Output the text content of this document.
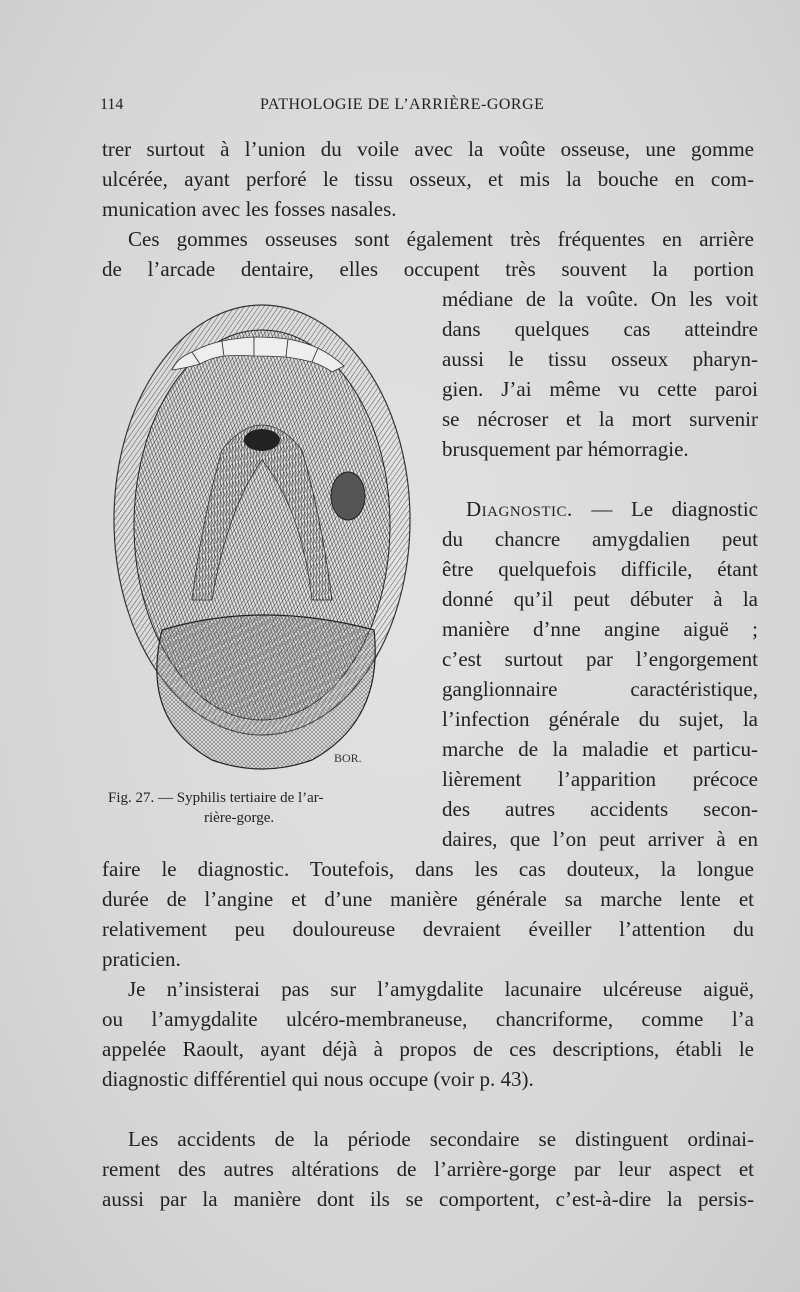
114	PATHOLOGIE DE L’ARRIÈRE-GORGE
trer surtout à l’union du voile avec la voûte osseuse, une gomme
ulcérée, ayant perforé le tissu osseux, et mis la bouche en com-
munication avec les fosses nasales.
Ces gommes osseuses sont également très fréquentes en arrière
de l’arcade dentaire, elles occupent très souvent la portion
médiane de la voûte. On les voit
dans quelques cas atteindre
aussi le tissu osseux pharyn-
gien. J’ai même vu cette paroi
se nécroser et la mort survenir
brusquement par hémorragie.
Diagnostic. — Le diagnostic
du chancre amygdalien peut
être quelquefois difficile, étant
donné qu’il peut débuter à la
manière d’nne angine aiguë ;
c’est surtout par l’engorgement
ganglionnaire caractéristique,
l’infection générale du sujet, la
marche de la maladie et particu-
lièrement l’apparition précoce
des autres accidents secon-
daires, que l’on peut arriver à en
faire le diagnostic. Toutefois, dans les cas douteux, la longue
durée de l’angine et d’une manière générale sa marche lente et
relativement peu douloureuse devraient éveiller l’attention du
praticien.
Je n’insisterai pas sur l’amygdalite lacunaire ulcéreuse aiguë,
ou l’amygdalite ulcéro-membraneuse, chancriforme, comme l’a
appelée Raoult, ayant déjà à propos de ces descriptions, établi le
diagnostic différentiel qui nous occupe (voir p. 43).
Les accidents de la période secondaire se distinguent ordinai-
rement des autres altérations de l’arrière-gorge par leur aspect et
aussi par la manière dont ils se comportent, c’est-à-dire la persis-
BOR.
Fig. 27. — Syphilis tertiaire de l’ar-
rière-gorge.
